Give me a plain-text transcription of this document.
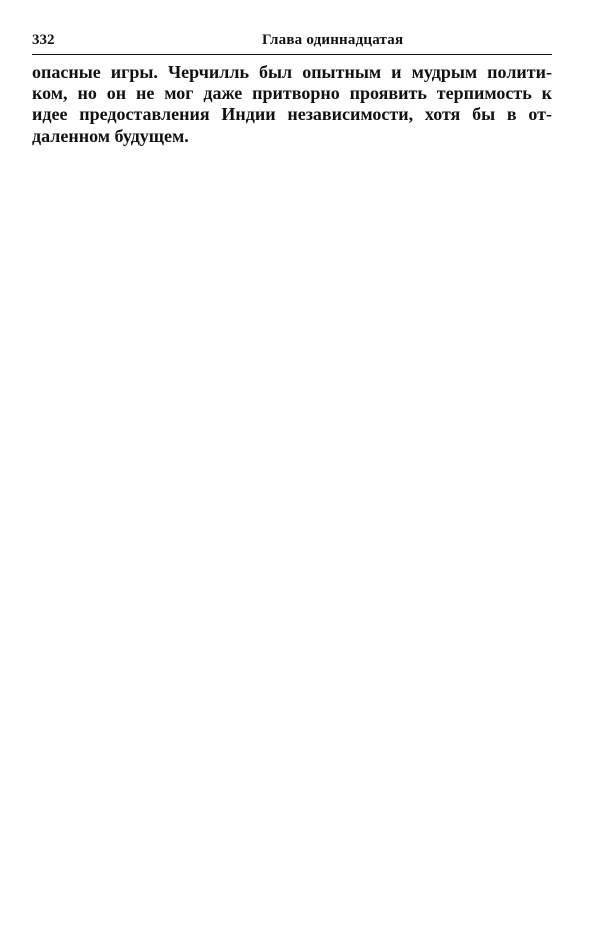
332	Глава одиннадцатая

опасные игры. Черчилль был опытным и мудрым полити-
ком, но он не мог даже притворно проявить терпимость к
идее предоставления Индии независимости, хотя бы в от-
даленном будущем.
